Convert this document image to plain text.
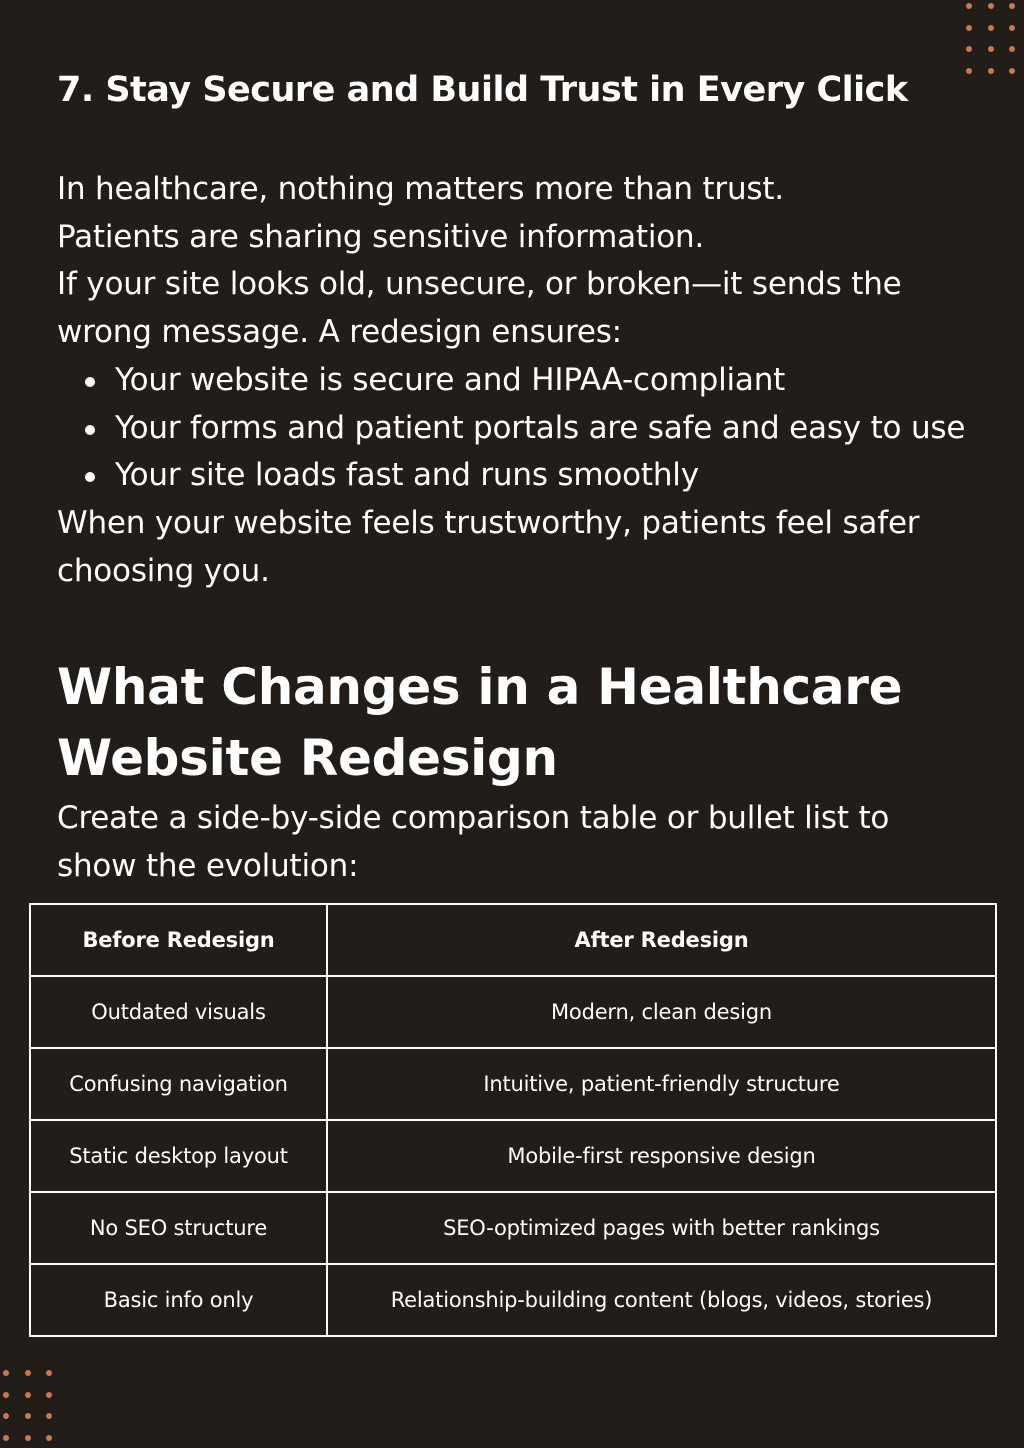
7. Stay Secure and Build Trust in Every Click

In healthcare, nothing matters more than trust.

Patients are sharing sensitive information.

If your site looks old, unsecure, or broken—it sends the wrong message. A redesign ensures:

Your website is secure and HIPAA-compliant
Your forms and patient portals are safe and easy to use
Your site loads fast and runs smoothly

When your website feels trustworthy, patients feel safer choosing you.

What Changes in a Healthcare Website Redesign

Create a side-by-side comparison table or bullet list to show the evolution:

Before Redesign	After Redesign
Outdated visuals	Modern, clean design
Confusing navigation	Intuitive, patient-friendly structure
Static desktop layout	Mobile-first responsive design
No SEO structure	SEO-optimized pages with better rankings
Basic info only	Relationship-building content (blogs, videos, stories)
